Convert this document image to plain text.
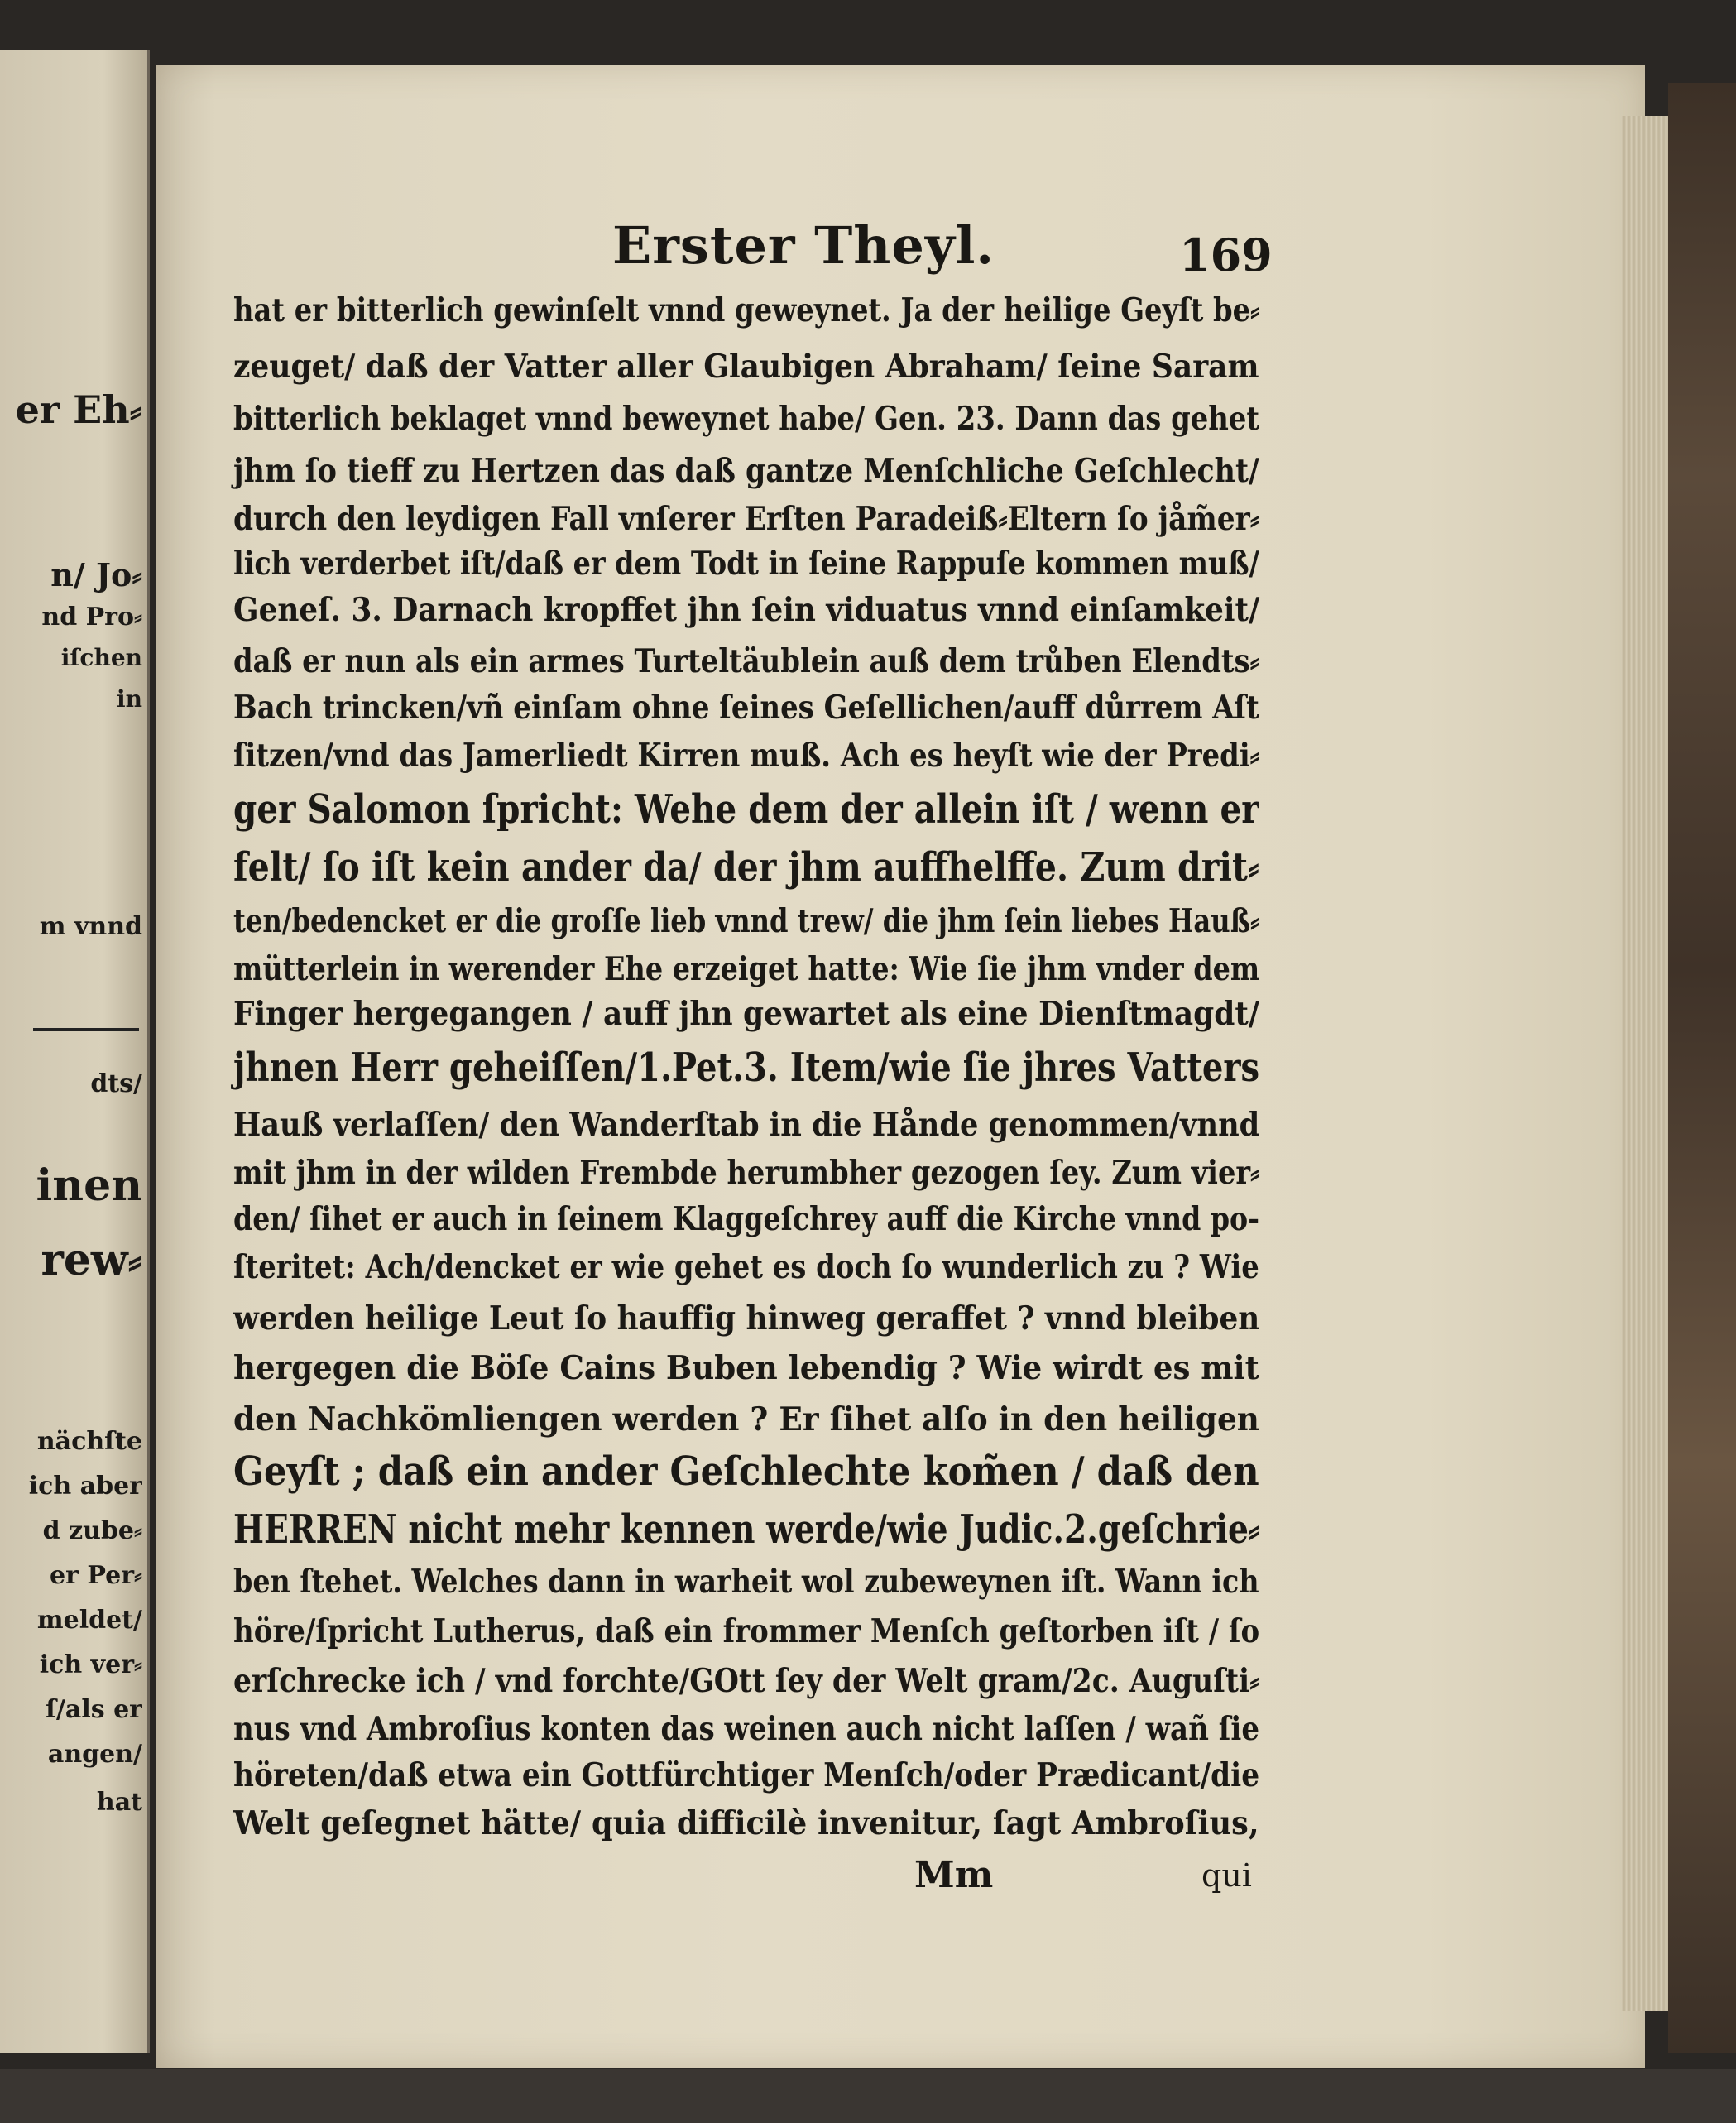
er Eh⸗
n/ Jo⸗
nd Pro⸗
iſchen
in
m vnnd
dts/
inen
rew⸗
nächſte
ich aber
d zube⸗
er Per⸗
meldet/
ich ver⸗
ſ/als er
angen/
hat
Erster Theyl.	169
hat er bitterlich gewinſelt vnnd geweynet. Ja der heilige Geyſt be⸗
zeuget/ daß der Vatter aller Glaubigen Abraham/ ſeine Saram
bitterlich beklaget vnnd beweynet habe/ Gen. 23. Dann das gehet
jhm ſo tieff zu Hertzen das daß gantze Menſchliche Geſchlecht/
durch den leydigen Fall vnſerer Erſten Paradeiß⸗Eltern ſo jåm̃er⸗
lich verderbet iſt/daß er dem Todt in ſeine Rappuſe kommen muß/
Geneſ. 3. Darnach kropffet jhn ſein viduatus vnnd einſamkeit/
daß er nun als ein armes Turteltäublein auß dem trůben Elendts⸗
Bach trincken/vñ einſam ohne ſeines Geſellichen/auff důrrem Aſt
ſitzen/vnd das Jamerliedt Kirren muß. Ach es heyſt wie der Predi⸗
ger Salomon ſpricht: Wehe dem der allein iſt / wenn er
felt/ ſo iſt kein ander da/ der jhm auffhelffe. Zum drit⸗
ten/bedencket er die groſſe lieb vnnd trew/ die jhm ſein liebes Hauß⸗
mütterlein in werender Ehe erzeiget hatte: Wie ſie jhm vnder dem
Finger hergegangen / auff jhn gewartet als eine Dienſtmagdt/
jhnen Herr geheiſſen/1.Pet.3. Item/wie ſie jhres Vatters
Hauß verlaſſen/ den Wanderſtab in die Hånde genommen/vnnd
mit jhm in der wilden Frembde herumbher gezogen ſey. Zum vier⸗
den/ ſihet er auch in ſeinem Klaggeſchrey auff die Kirche vnnd po-
ſteritet: Ach/dencket er wie gehet es doch ſo wunderlich zu ? Wie
werden heilige Leut ſo hauffig hinweg geraffet ? vnnd bleiben
hergegen die Böſe Cains Buben lebendig ? Wie wirdt es mit
den Nachkömliengen werden ? Er ſihet alſo in den heiligen
Geyſt ; daß ein ander Geſchlechte kom̃en / daß den
HERREN nicht mehr kennen werde/wie Judic.2.geſchrie⸗
ben ſtehet. Welches dann in warheit wol zubeweynen iſt. Wann ich
höre/ſpricht Lutherus, daß ein frommer Menſch geſtorben iſt / ſo
erſchrecke ich / vnd forchte/GOtt ſey der Welt gram/2c. Auguſti⸗
nus vnd Ambroſius konten das weinen auch nicht laſſen / wañ ſie
höreten/daß etwa ein Gottfürchtiger Menſch/oder Prædicant/die
Welt geſegnet hätte/ quia difficilè invenitur, ſagt Ambroſius,
Mm	qui
